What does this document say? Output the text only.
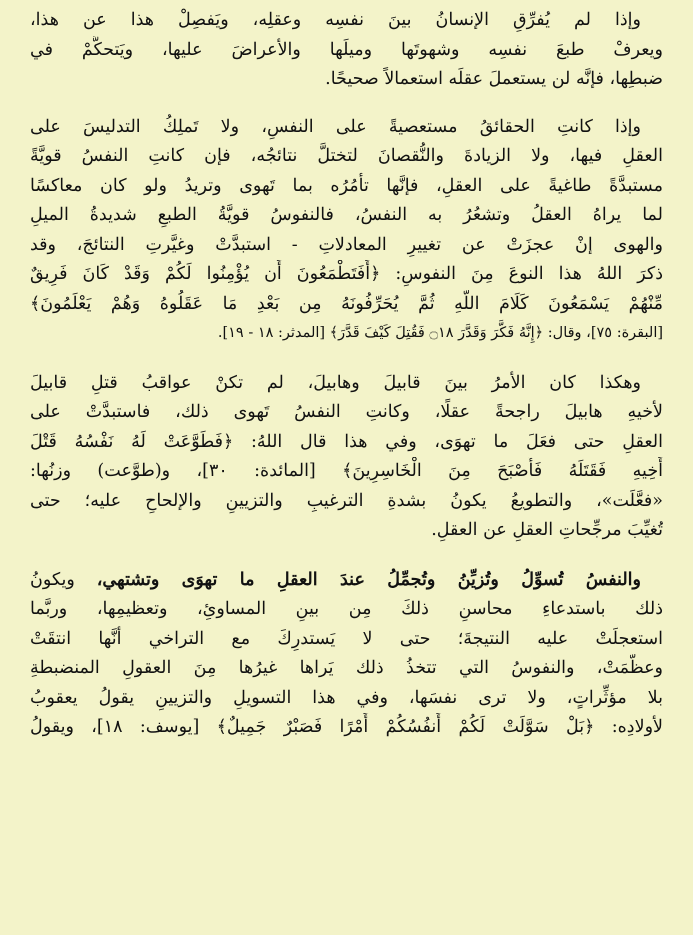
وإذا لم يُفرِّقِ الإنسانُ بينَ نفسِه وعقلِه، ويَفصِلْ هذا عن هذا،
ويعرفْ طبعَ نفسِه وشهوتَها وميلَها والأعراضَ عليها، ويَتحكَّمْ في
ضبطِها، فإنَّه لن يستعملَ عقلَه استعمالاً صحيحًا.
وإذا كانتِ الحقائقُ مستعصيةً على النفسِ، ولا تَملِكُ التدليسَ على
العقلِ فيها، ولا الزيادةَ والنُّقصانَ لتختلَّ نتائجُه، فإن كانتِ النفسُ قويَّةً
مستبدَّةً طاغيةً على العقلِ، فإنَّها تأمُرُه بما تَهوى وتريدُ ولو كان معاكسًا
لما يراهُ العقلُ وتشعُرُ به النفسُ، فالنفوسُ قويَّةُ الطبعِ شديدةُ الميلِ
والهوى إنْ عجزَتْ عن تغييرِ المعادلاتِ - استبدَّتْ وغيَّرتِ النتائجَ، وقد
ذكرَ اللهُ هذا النوعَ مِنَ النفوسِ: ﴿أَفَتَطْمَعُونَ أَن يُؤْمِنُوا لَكُمْ وَقَدْ كَانَ فَرِيقٌ
مِّنْهُمْ يَسْمَعُونَ كَلَامَ اللَّهِ ثُمَّ يُحَرِّفُونَهُ مِن بَعْدِ مَا عَقَلُوهُ وَهُمْ يَعْلَمُونَ﴾
[البقرة: ٧٥]، وقال: ﴿إِنَّهُ فَكَّرَ وَقَدَّرَ ۝١٨ فَقُتِلَ كَيْفَ قَدَّرَ﴾ [المدثر: ١٨ - ١٩].
وهكذا كان الأمرُ بينَ قابيلَ وهابيلَ، لم تكنْ عواقبُ قتلِ قابيلَ
لأخيهِ هابيلَ راجحةً عقلًا، وكانتِ النفسُ تَهوى ذلك، فاستبدَّتْ على
العقلِ حتى فعَلَ ما تهوَى، وفي هذا قال اللهُ: ﴿فَطَوَّعَتْ لَهُ نَفْسُهُ قَتْلَ
أَخِيهِ فَقَتَلَهُ فَأَصْبَحَ مِنَ الْخَاسِرِينَ﴾ [المائدة: ٣٠]، و(طوَّعت) وزنُها:
«فعَّلَت»، والتطويعُ يكونُ بشدةِ الترغيبِ والتزيينِ والإلحاحِ عليه؛ حتى
تُغيِّبَ مرجِّحاتِ العقلِ عن العقلِ.
والنفسُ تُسوِّلُ وتُزيِّنُ وتُجمِّلُ عندَ العقلِ ما تهوَى وتشتهي، ويكونُ
ذلك باستدعاءِ محاسنِ ذلكَ مِن بينِ المساوئِ، وتعظيمِها، وربَّما
استعجلَتْ عليه النتيجةَ؛ حتى لا يَستدرِكَ مع التراخي أنَّها انتقَتْ
وعظَّمَتْ، والنفوسُ التي تتخذُ ذلك يَراها غيرُها مِنَ العقولِ المنضبطةِ
بلا مؤثِّراتٍ، ولا ترى نفسَها، وفي هذا التسويلِ والتزيينِ يقولُ يعقوبُ
لأولادِه: ﴿بَلْ سَوَّلَتْ لَكُمْ أَنفُسُكُمْ أَمْرًا فَصَبْرٌ جَمِيلٌ﴾ [يوسف: ١٨]، ويقولُ
